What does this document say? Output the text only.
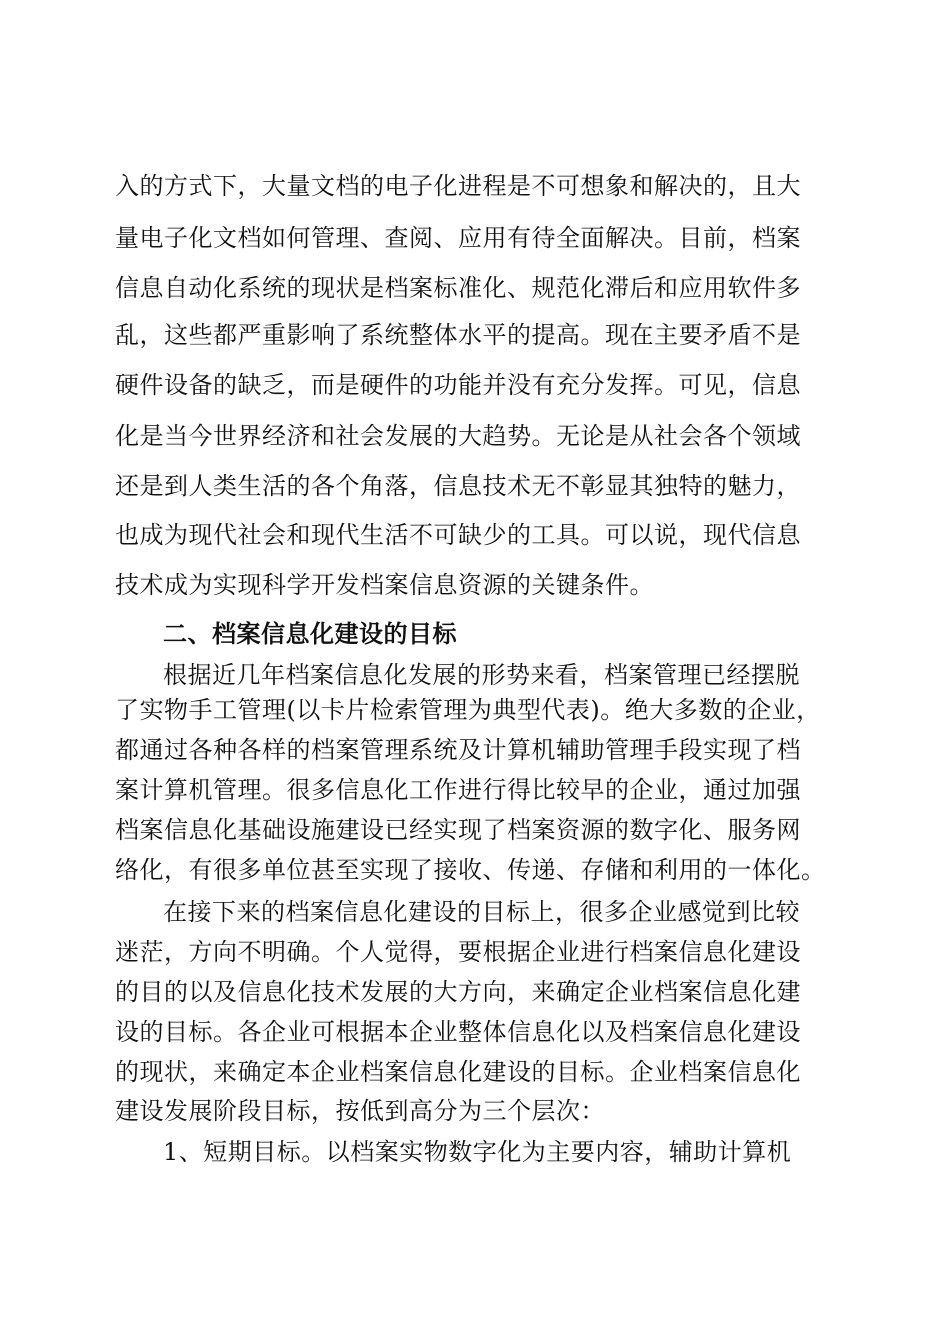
入的方式下，大量文档的电子化进程是不可想象和解决的，且大
量电子化文档如何管理、查阅、应用有待全面解决。目前，档案
信息自动化系统的现状是档案标准化、规范化滞后和应用软件多
乱，这些都严重影响了系统整体水平的提高。现在主要矛盾不是
硬件设备的缺乏，而是硬件的功能并没有充分发挥。可见，信息
化是当今世界经济和社会发展的大趋势。无论是从社会各个领域
还是到人类生活的各个角落，信息技术无不彰显其独特的魅力，
也成为现代社会和现代生活不可缺少的工具。可以说，现代信息
技术成为实现科学开发档案信息资源的关键条件。
二、档案信息化建设的目标
根据近几年档案信息化发展的形势来看，档案管理已经摆脱
了实物手工管理(以卡片检索管理为典型代表)。绝大多数的企业，
都通过各种各样的档案管理系统及计算机辅助管理手段实现了档
案计算机管理。很多信息化工作进行得比较早的企业，通过加强
档案信息化基础设施建设已经实现了档案资源的数字化、服务网
络化，有很多单位甚至实现了接收、传递、存储和利用的一体化。
在接下来的档案信息化建设的目标上，很多企业感觉到比较
迷茫，方向不明确。个人觉得，要根据企业进行档案信息化建设
的目的以及信息化技术发展的大方向，来确定企业档案信息化建
设的目标。各企业可根据本企业整体信息化以及档案信息化建设
的现状，来确定本企业档案信息化建设的目标。企业档案信息化
建设发展阶段目标，按低到高分为三个层次：
1、短期目标。以档案实物数字化为主要内容，辅助计算机
